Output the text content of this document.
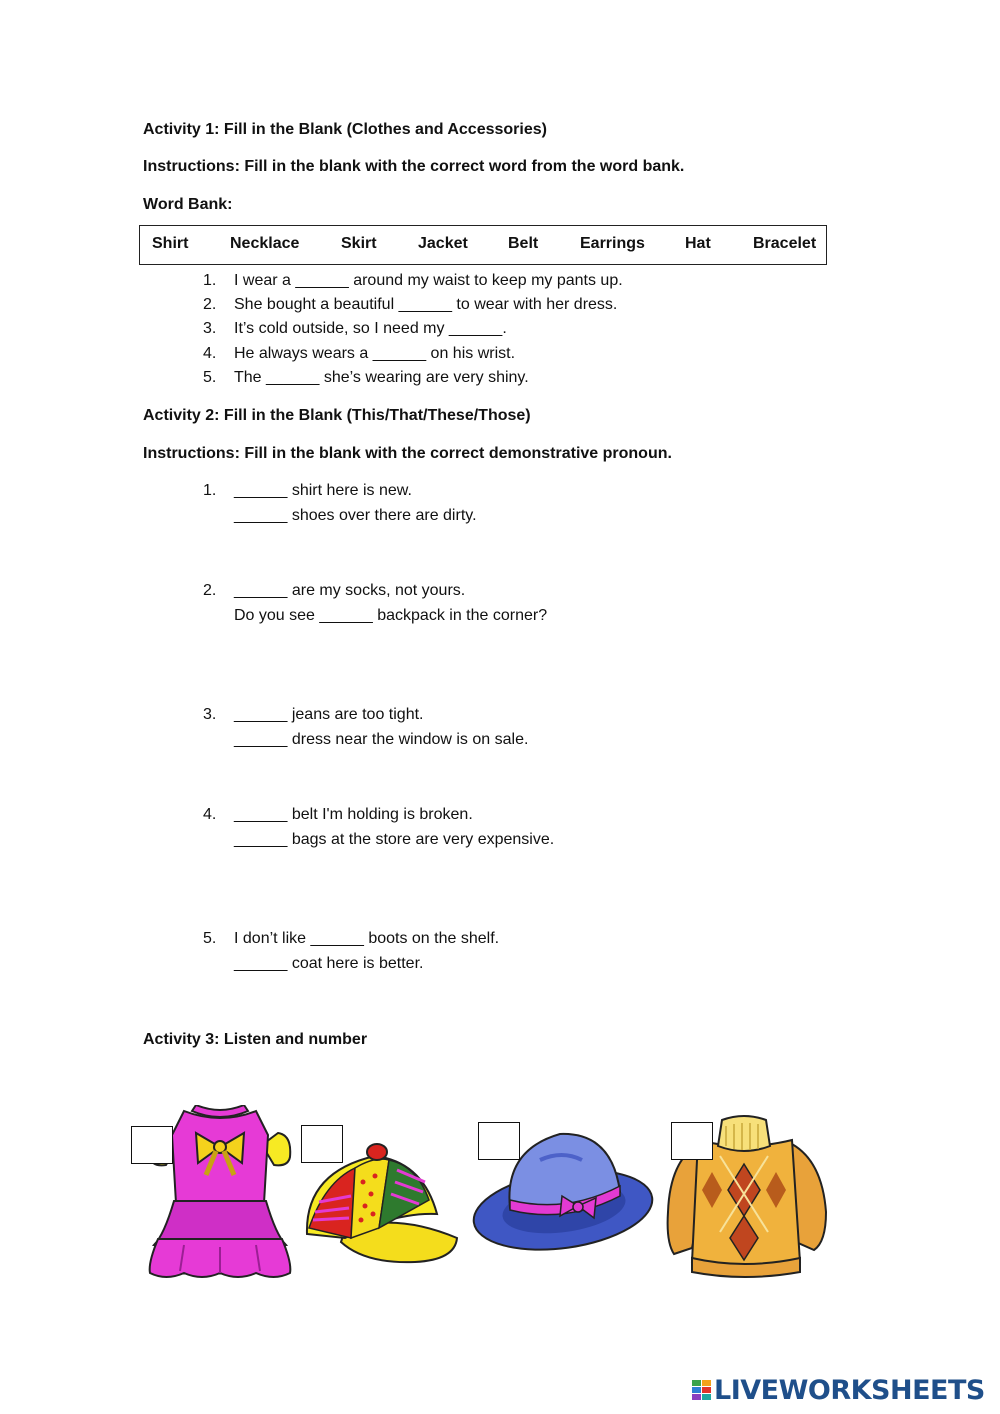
Activity 1: Fill in the Blank (Clothes and Accessories)
Instructions: Fill in the blank with the correct word from the word bank.
Word Bank:
Shirt	Necklace	Skirt	Jacket	Belt	Earrings	Hat	Bracelet
1. I wear a ______ around my waist to keep my pants up.
2. She bought a beautiful ______ to wear with her dress.
3. It’s cold outside, so I need my ______.
4. He always wears a ______ on his wrist.
5. The ______ she’s wearing are very shiny.
Activity 2: Fill in the Blank (This/That/These/Those)
Instructions: Fill in the blank with the correct demonstrative pronoun.
1. ______ shirt here is new.
______ shoes over there are dirty.
2. ______ are my socks, not yours.
Do you see ______ backpack in the corner?
3. ______ jeans are too tight.
______ dress near the window is on sale.
4. ______ belt I'm holding is broken.
______ bags at the store are very expensive.
5. I don’t like ______ boots on the shelf.
______ coat here is better.
Activity 3: Listen and number
LIVEWORKSHEETS
